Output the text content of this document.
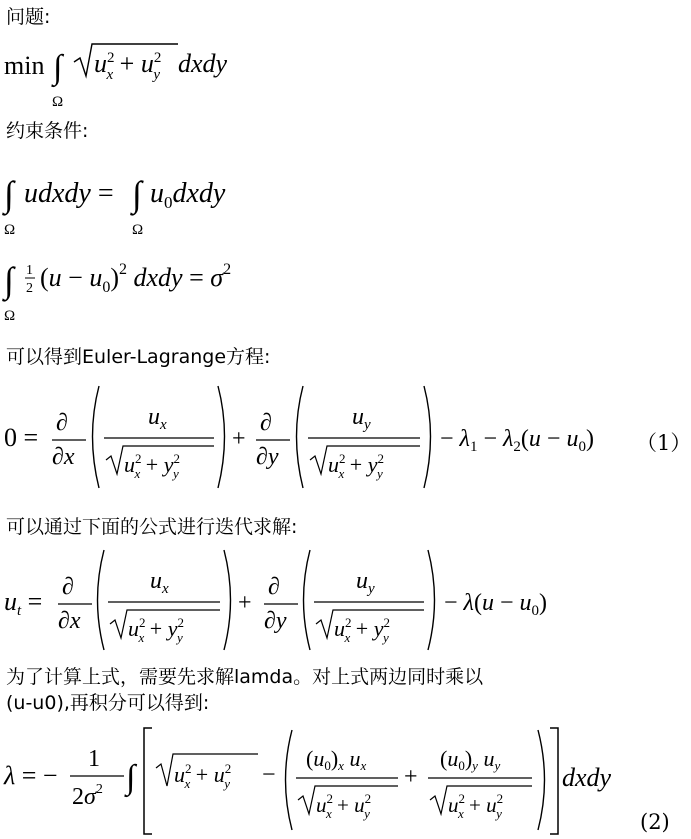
问题:
min ∫
Ω
$u^2$ $x + u^2$ y dxdy
约束条件:
∫
Ω
udxdy = ∫
Ω
$u_0dxdy$
∫
Ω
1
2 $(u - u_0)^2$ dxdy = $\sigma^2$
可以得到Euler-Lagrange方程:
0 = ∂
∂x
$u_x$
$u^2$ $x + y^2$ y
+
∂
∂y
$u_y$
$u^2$ $x + y^2$ y
− $\lambda_1 - \lambda_2(u - u_0)$ （1）
可以通过下面的公式进行迭代求解:
ut = ∂
∂x
$u_x$
$u^2$ $x + y^2$ y
+
∂
∂y
$u_y$
$u^2$ $x + y^2$ y
− $\lambda(u - u_0)$
为了计算上式，需要先求解lamda。对上式两边同时乘以
(u-u0),再积分可以得到:
λ = −
1
$2\sigma^2$ ∫ $u^2$ $x + u^2$ y −
(u0)x ux
$u^2$ $x + u^2$ y
+
(u0)y uy
$u^2$ $x + u^2$ y
dxdy
(2)
